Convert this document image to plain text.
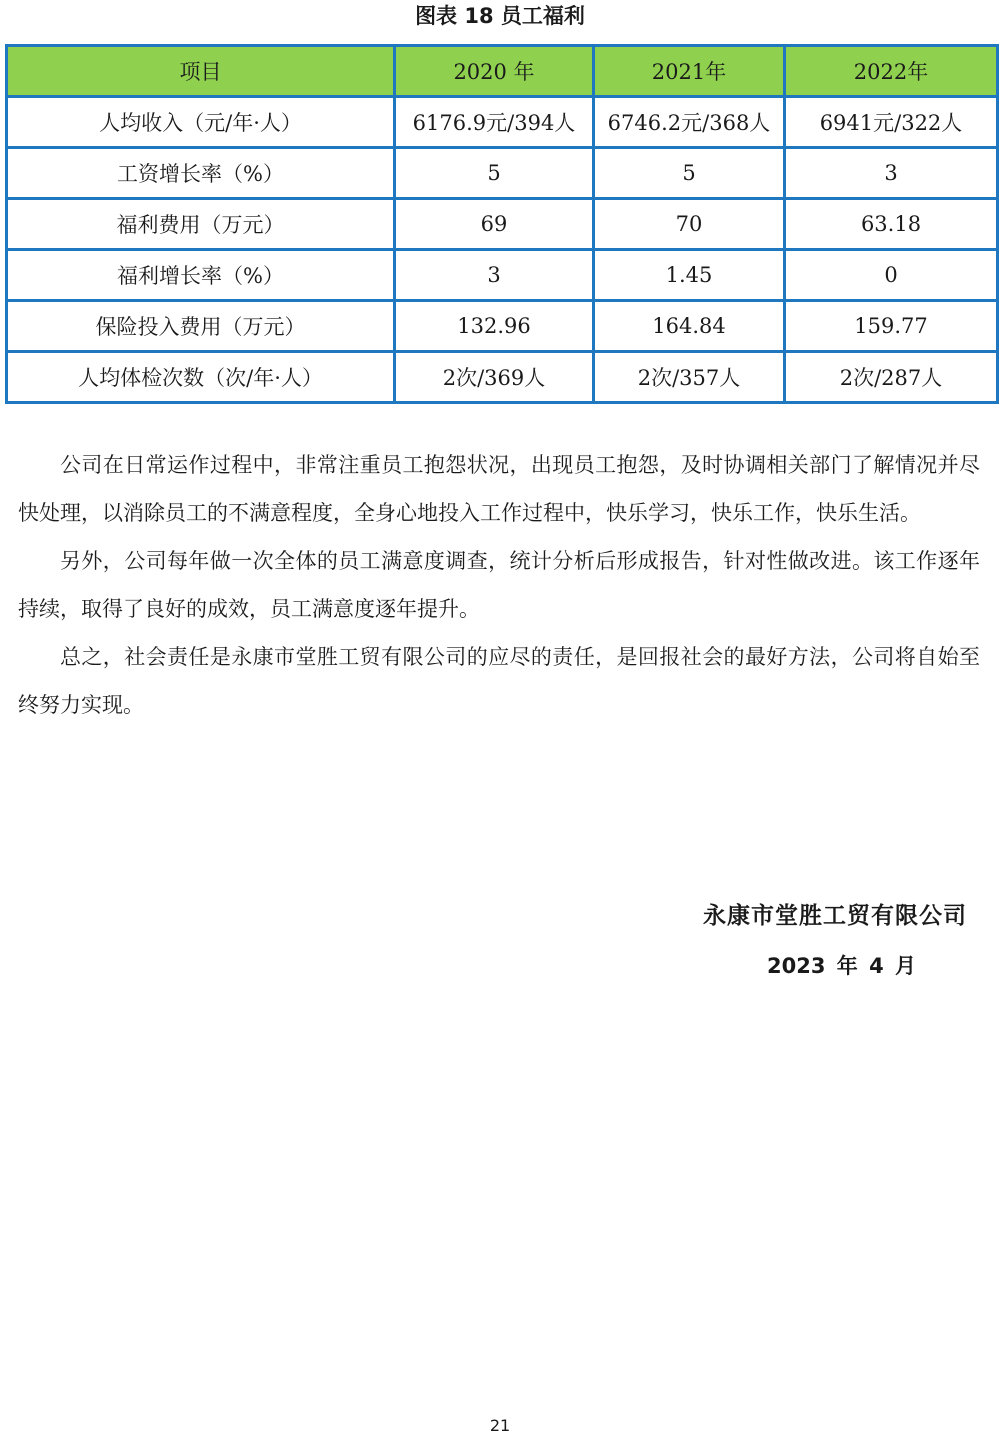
图表 18 员工福利
项目	2020 年	2021年	2022年
人均收入（元/年·人）	6176.9元/394人	6746.2元/368人	6941元/322人
工资增长率（%）	5	5	3
福利费用（万元）	69	70	63.18
福利增长率（%）	3	1.45	0
保险投入费用（万元）	132.96	164.84	159.77
人均体检次数（次/年·人）	2次/369人	2次/357人	2次/287人

公司在日常运作过程中，非常注重员工抱怨状况，出现员工抱怨，及时协调相关部门了解情况并尽快处理，以消除员工的不满意程度，全身心地投入工作过程中，快乐学习，快乐工作，快乐生活。

另外，公司每年做一次全体的员工满意度调查，统计分析后形成报告，针对性做改进。该工作逐年持续，取得了良好的成效，员工满意度逐年提升。

总之，社会责任是永康市堂胜工贸有限公司的应尽的责任，是回报社会的最好方法，公司将自始至终努力实现。

永康市堂胜工贸有限公司
2023 年 4 月
21
